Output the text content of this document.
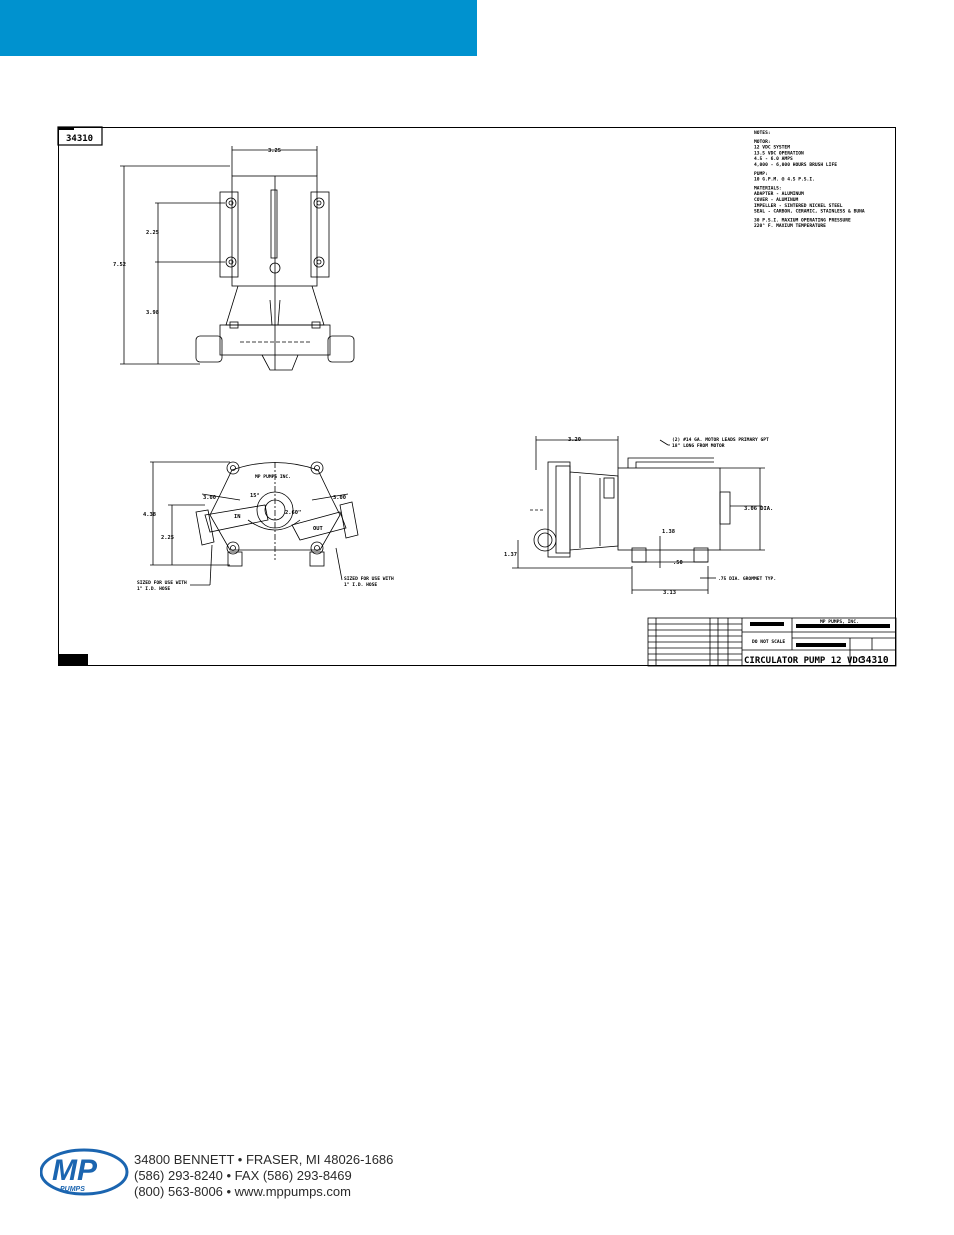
34310
NOTES:
MOTOR:
12 VDC SYSTEM
13.5 VDC OPERATION
4.5 - 6.0 AMPS
4,000 - 6,000 HOURS BRUSH LIFE
PUMP:
10 G.P.M. @ 4.5 P.S.I.
MATERIALS:
ADAPTER - ALUMINUM
COVER - ALUMINUM
IMPELLER - SINTERED NICKEL STEEL
SEAL - CARBON, CERAMIC, STAINLESS & BUNA
30 P.S.I. MAXIUM OPERATING PRESSURE
220° F. MAXIUM TEMPERATURE
3.25
2.25
7.52
3.98
MP PUMPS INC.
3.00	3.00
15°
2.60"
IN
OUT
4.38
2.25
SIZED FOR USE WITH
1" I.D. HOSE
SIZED FOR USE WITH
1" I.D. HOSE
3.20	(2) #14 GA. MOTOR LEADS PRIMARY GPT
18" LONG FROM MOTOR
3.06 DIA.
1.38
1.37
.50
3.13
.75 DIA. GROMMET TYP.
MP PUMPS, INC.
DO NOT SCALE
CIRCULATOR PUMP 12 VDC
34310
MP
PUMPS
34800 BENNETT • FRASER, MI 48026-1686
(586) 293-8240 • FAX (586) 293-8469
(800) 563-8006 • www.mppumps.com
